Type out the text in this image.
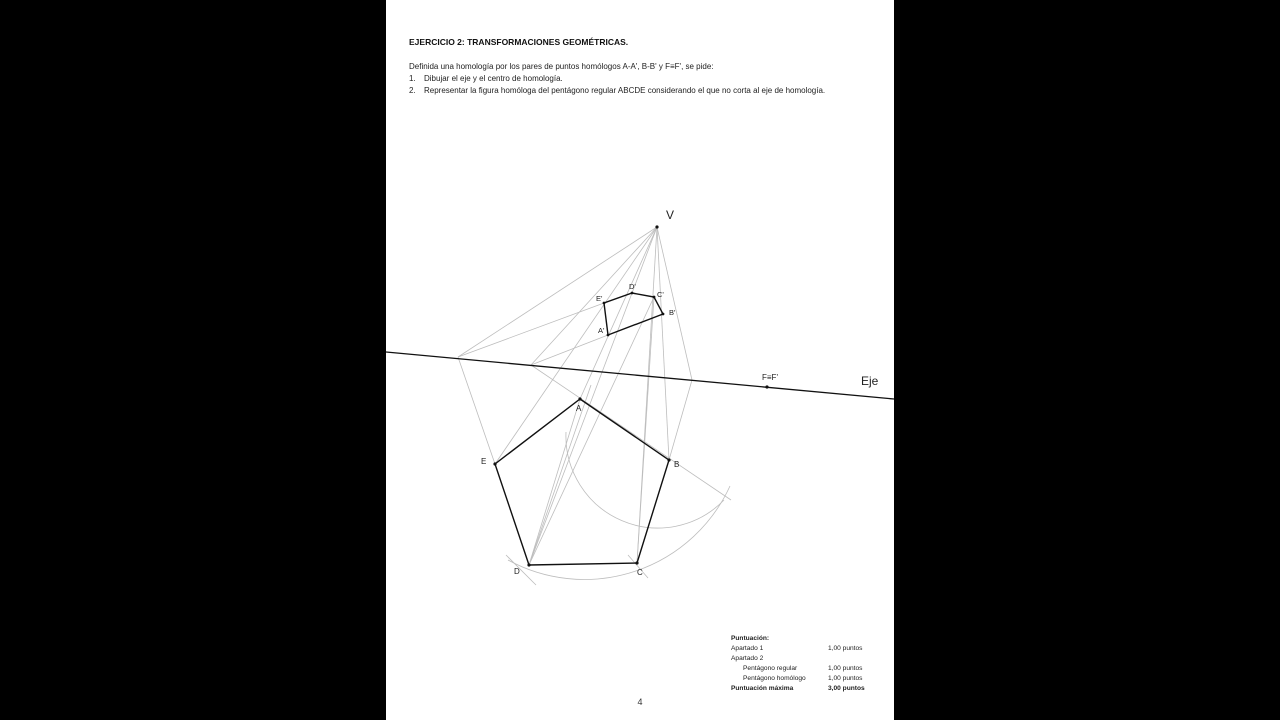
EJERCICIO 2: TRANSFORMACIONES GEOMÉTRICAS.
Definida una homología por los pares de puntos homólogos A-A', B-B' y F≡F', se pide:
1. Dibujar el eje y el centro de homología.
2. Representar la figura homóloga del pentágono regular ABCDE considerando el que no corta al eje de homología.
V
Eje
F≡F'
A
B
C
D
E
A'
B'
C'
D'
E'
Puntuación:
Apartado 1	1,00 puntos
Apartado 2
Pentágono regular	1,00 puntos
Pentágono homólogo	1,00 puntos
Puntuación máxima	3,00 puntos
4
